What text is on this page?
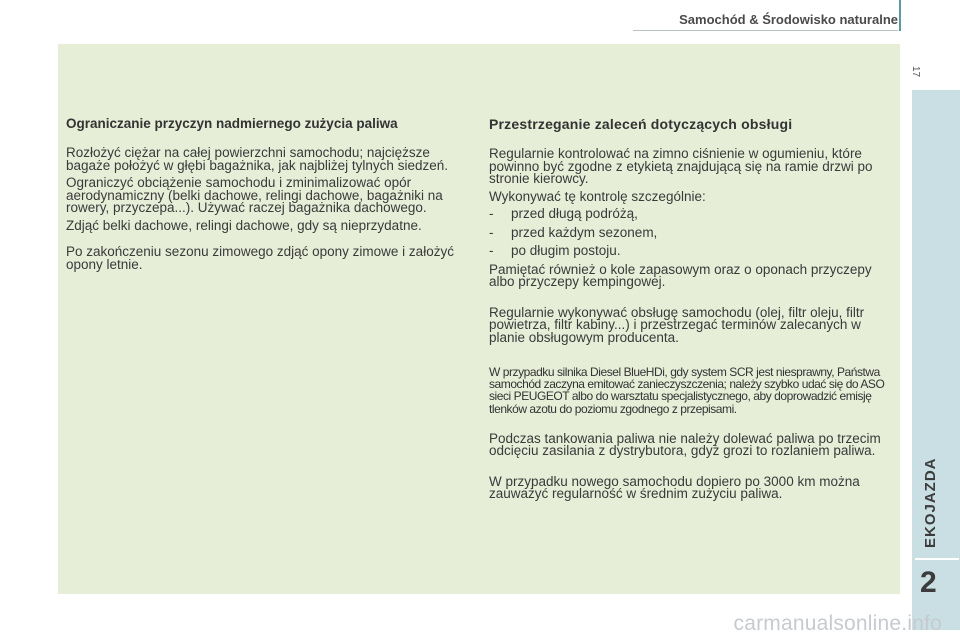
Samochód & Środowisko naturalne
17
EKOJAZDA
2
Ograniczanie przyczyn nadmiernego zużycia paliwa

Rozłożyć ciężar na całej powierzchni samochodu; najcięższe bagaże położyć w głębi bagażnika, jak najbliżej tylnych siedzeń.

Ograniczyć obciążenie samochodu i zminimalizować opór aerodynamiczny (belki dachowe, relingi dachowe, bagażniki na rowery, przyczepa...). Używać raczej bagażnika dachowego.

Zdjąć belki dachowe, relingi dachowe, gdy są nieprzydatne.

Po zakończeniu sezonu zimowego zdjąć opony zimowe i założyć opony letnie.

Przestrzeganie zaleceń dotyczących obsługi

Regularnie kontrolować na zimno ciśnienie w ogumieniu, które powinno być zgodne z etykietą znajdującą się na ramie drzwi po stronie kierowcy.

Wykonywać tę kontrolę szczególnie:

-	przed długą podróżą,
-	przed każdym sezonem,
-	po długim postoju.

Pamiętać również o kole zapasowym oraz o oponach przyczepy albo przyczepy kempingowej.

Regularnie wykonywać obsługę samochodu (olej, filtr oleju, filtr powietrza, filtr kabiny...) i przestrzegać terminów zalecanych w planie obsługowym producenta.

W przypadku silnika Diesel BlueHDi, gdy system SCR jest niesprawny, Państwa samochód zaczyna emitować zanieczyszczenia; należy szybko udać się do ASO sieci PEUGEOT albo do warsztatu specjalistycznego, aby doprowadzić emisję tlenków azotu do poziomu zgodnego z przepisami.

Podczas tankowania paliwa nie należy dolewać paliwa po trzecim odcięciu zasilania z dystrybutora, gdyż grozi to rozlaniem paliwa.

W przypadku nowego samochodu dopiero po 3000 km można zauważyć regularność w średnim zużyciu paliwa.

carmanualsonline.info
